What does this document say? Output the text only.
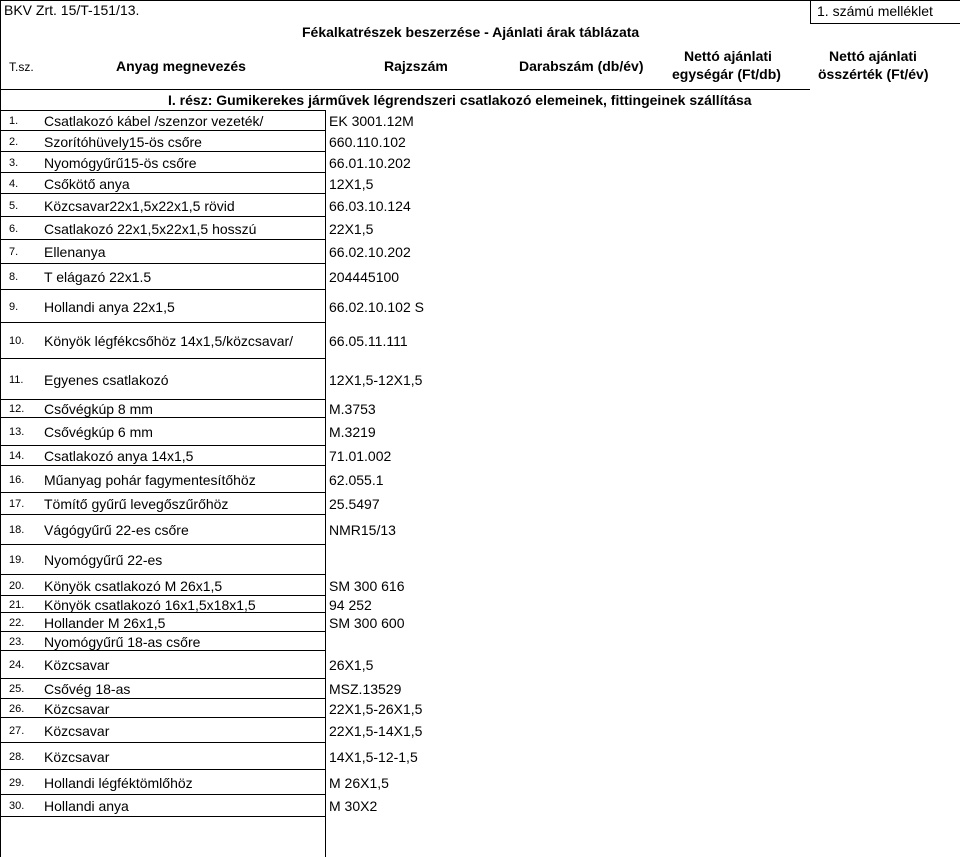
BKV Zrt. 15/T-151/13.	1. számú melléklet
Fékalkatrészek beszerzése - Ajánlati árak táblázata
T.sz.	Anyag megnevezés	Rajzszám	Darabszám (db/év)
Nettó ajánlati
egységár (Ft/db)
Nettó ajánlati
összérték (Ft/év)
I. rész: Gumikerekes járművek légrendszeri csatlakozó elemeinek, fittingeinek szállítása
1. Csatlakozó kábel /szenzor vezeték/	EK 3001.12M
2. Szorítóhüvely15-ös csőre	660.110.102
3. Nyomógyűrű15-ös csőre	66.01.10.202
4. Csőkötő anya	12X1,5
5. Közcsavar22x1,5x22x1,5 rövid	66.03.10.124
6. Csatlakozó 22x1,5x22x1,5 hosszú	22X1,5
7. Ellenanya	66.02.10.202
8. T elágazó 22x1.5	204445100
9. Hollandi anya 22x1,5	66.02.10.102 S
10. Könyök légfékcsőhöz 14x1,5/közcsavar/	66.05.11.111
11. Egyenes csatlakozó	12X1,5-12X1,5
12. Csővégkúp 8 mm	M.3753
13. Csővégkúp 6 mm	M.3219
14. Csatlakozó anya 14x1,5	71.01.002
16. Műanyag pohár fagymentesítőhöz	62.055.1
17. Tömítő gyűrű levegőszűrőhöz	25.5497
18. Vágógyűrű 22-es csőre	NMR15/13
19. Nyomógyűrű 22-es
20. Könyök csatlakozó M 26x1,5	SM 300 616
21. Könyök csatlakozó 16x1,5x18x1,5	94 252
22. Hollander M 26x1,5	SM 300 600
23. Nyomógyűrű 18-as csőre
24. Közcsavar	26X1,5
25. Csővég 18-as	MSZ.13529
26. Közcsavar	22X1,5-26X1,5
27. Közcsavar	22X1,5-14X1,5
28. Közcsavar	14X1,5-12-1,5
29. Hollandi légféktömlőhöz	M 26X1,5
30. Hollandi anya	M 30X2
